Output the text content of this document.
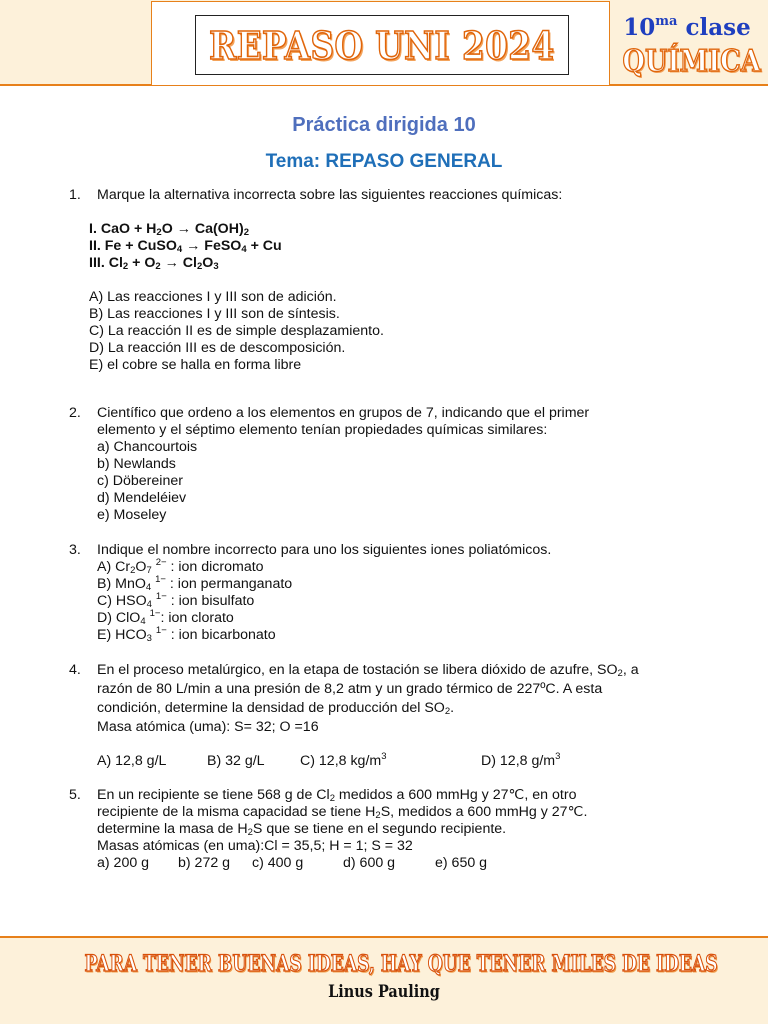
REPASO UNI 2024	$10^{ma}$ clase
QUÍMICA
Práctica dirigida 10
Tema: REPASO GENERAL
1. Marque la alternativa incorrecta sobre las siguientes reacciones químicas:
I. CaO + $H_2O \to Ca(OH)_2$
II. Fe + CuSO$_4$ → FeSO$_4$ + Cu
III. $Cl_2 + O_2 \to Cl_2O_3$
A) Las reacciones I y III son de adición.
B) Las reacciones I y III son de síntesis.
C) La reacción II es de simple desplazamiento.
D) La reacción III es de descomposición.
E) el cobre se halla en forma libre
2. Científico que ordeno a los elementos en grupos de 7, indicando que el primer
elemento y el séptimo elemento tenían propiedades químicas similares:
a) Chancourtois
b) Newlands
c) Döbereiner
d) Mendeléiev
e) Moseley
3. Indique el nombre incorrecto para uno los siguientes iones poliatómicos.
A) $Cr_2O_7$ $^{2-}$ : ion dicromato
B) MnO$_4$ $^{1-}$ : ion permanganato
C) $HSO_4$ $^{1-}$ : ion bisulfato
D) ClO$_4$ $^{1-}$: ion clorato
E) $HCO_3$ $^{1-}$ : ion bicarbonato
4. En el proceso metalúrgico, en la etapa de tostación se libera dióxido de azufre, $SO_2$, a
razón de 80 L/min a una presión de 8,2 atm y un grado térmico de 227ºC. A esta
condición, determine la densidad de producción del $SO_2$.
Masa atómica (uma): S= 32; O =16
A) 12,8 g/L	B) 32 g/L C) 12,8 $kg/m^3$	D) 12,8 $g/m^3$
5. En un recipiente se tiene 568 g de $Cl_2$ medidos a 600 mmHg y 27℃, en otro
recipiente de la misma capacidad se tiene $H_2S$, medidos a 600 mmHg y 27℃.
determine la masa de $H_2S$ que se tiene en el segundo recipiente.
Masas atómicas (en uma):Cl = 35,5; H = 1; S = 32
a) 200 g b) 272 g c) 400 g	d) 600 g	e) 650 g
PARA TENER BUENAS IDEAS, HAY QUE TENER MILES DE IDEAS
Linus Pauling
